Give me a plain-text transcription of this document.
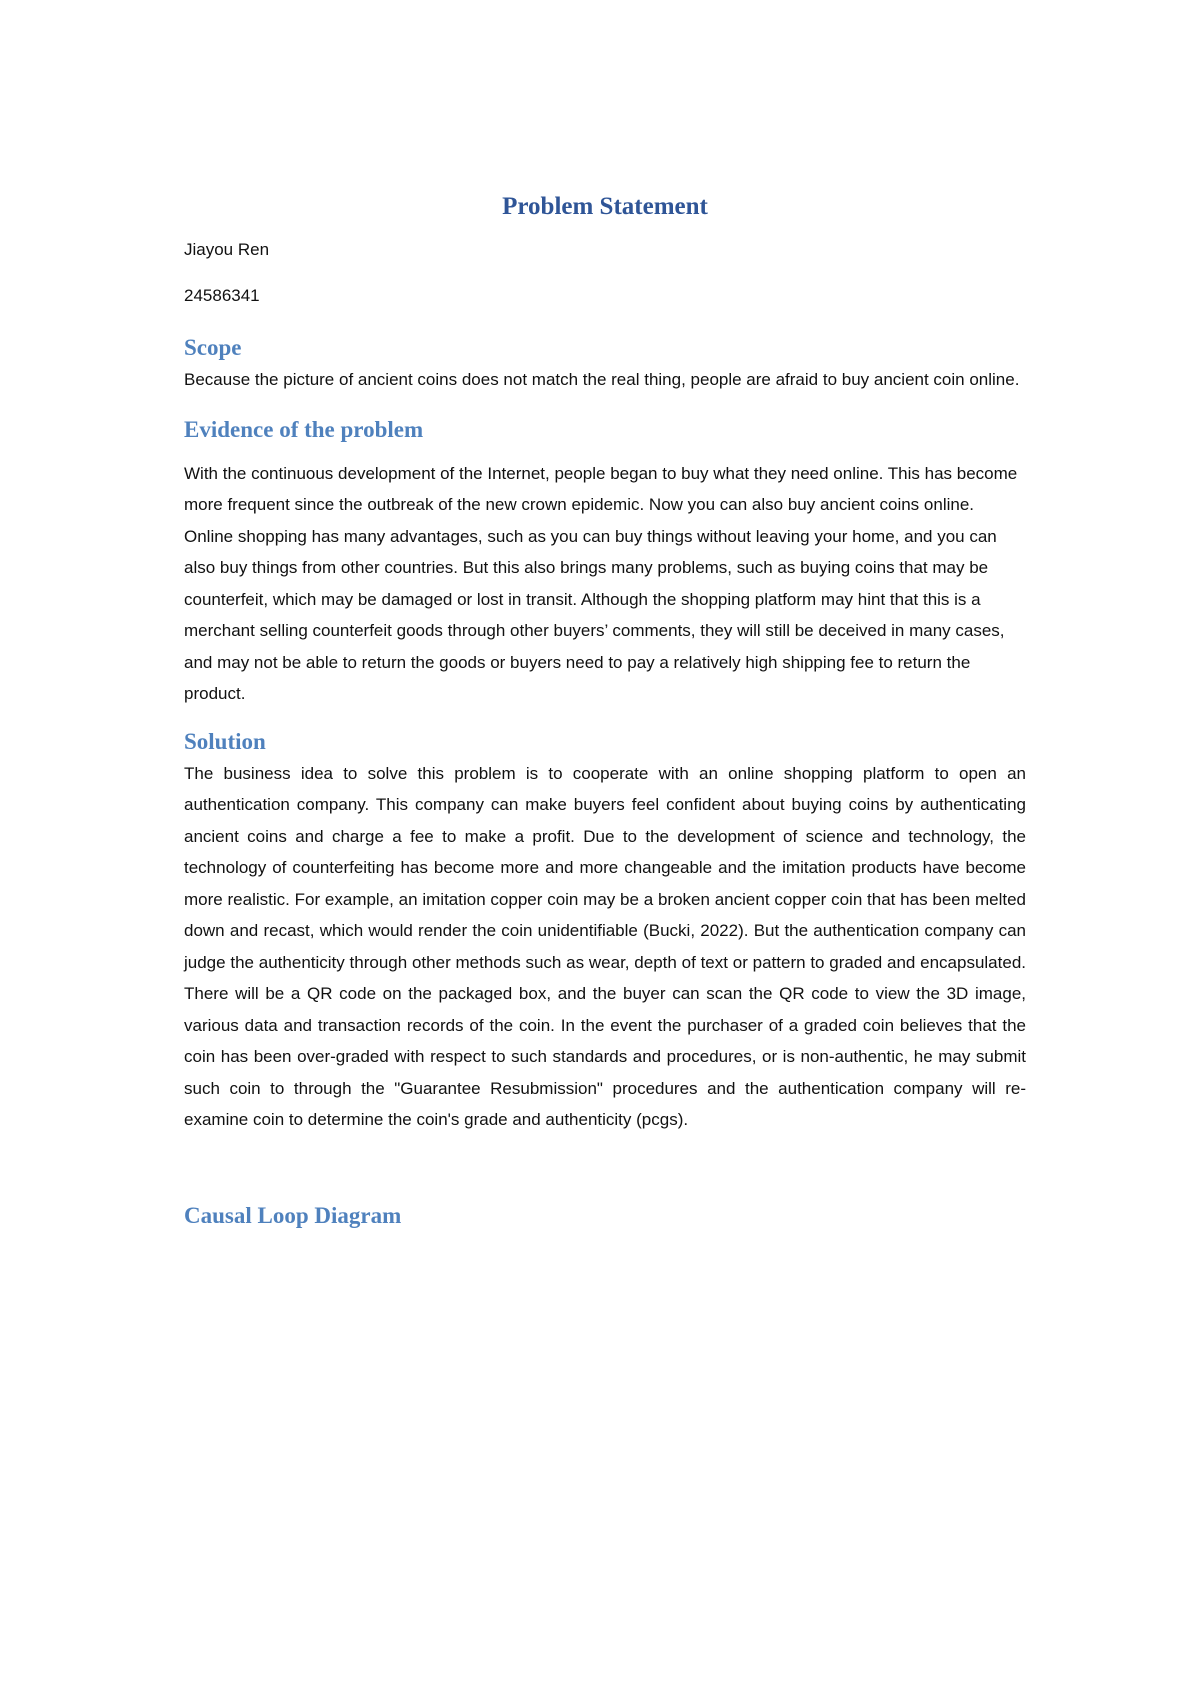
Problem Statement

Jiayou Ren

24586341

Scope

Because the picture of ancient coins does not match the real thing, people are afraid to buy ancient coin online.

Evidence of the problem

With the continuous development of the Internet, people began to buy what they need online. This has become more frequent since the outbreak of the new crown epidemic. Now you can also buy ancient coins online. Online shopping has many advantages, such as you can buy things without leaving your home, and you can also buy things from other countries. But this also brings many problems, such as buying coins that may be counterfeit, which may be damaged or lost in transit. Although the shopping platform may hint that this is a merchant selling counterfeit goods through other buyers’ comments, they will still be deceived in many cases, and may not be able to return the goods or buyers need to pay a relatively high shipping fee to return the product.

Solution

The business idea to solve this problem is to cooperate with an online shopping platform to open an authentication company. This company can make buyers feel confident about buying coins by authenticating ancient coins and charge a fee to make a profit. Due to the development of science and technology, the technology of counterfeiting has become more and more changeable and the imitation products have become more realistic. For example, an imitation copper coin may be a broken ancient copper coin that has been melted down and recast, which would render the coin unidentifiable (Bucki, 2022). But the authentication company can judge the authenticity through other methods such as wear, depth of text or pattern to graded and encapsulated. There will be a QR code on the packaged box, and the buyer can scan the QR code to view the 3D image, various data and transaction records of the coin. In the event the purchaser of a graded coin believes that the coin has been over-graded with respect to such standards and procedures, or is non-authentic, he may submit such coin to through the "Guarantee Resubmission" procedures and the authentication company will re-examine coin to determine the coin's grade and authenticity (pcgs).

Causal Loop Diagram
